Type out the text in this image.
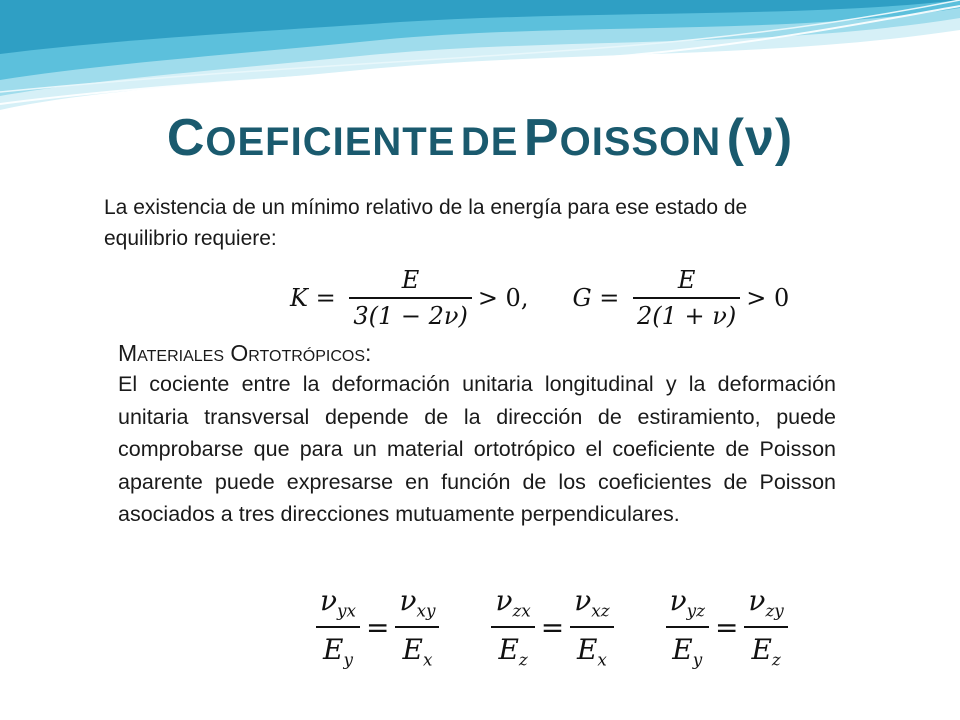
COEFICIENTE DE POISSON (ν)
La existencia de un mínimo relativo de la energía para ese estado de equilibrio requiere:
$K = \frac{E}{3(1 - 2\nu)} > 0$, $G = \frac{E}{2(1 + \nu)} > 0$
Materiales Ortotrópicos:
El cociente entre la deformación unitaria longitudinal y la deformación unitaria transversal depende de la dirección de estiramiento, puede comprobarse que para un material ortotrópico el coeficiente de Poisson aparente puede expresarse en función de los coeficientes de Poisson asociados a tres direcciones mutuamente perpendiculares.
$\frac{\nu_{yx}}{E_y} = \frac{\nu_{xy}}{E_x} \frac{\nu_{zx}}{E_z} = \frac{\nu_{xz}}{E_x} \frac{\nu_{yz}}{E_y} = \frac{\nu_{zy}}{E_z}$
